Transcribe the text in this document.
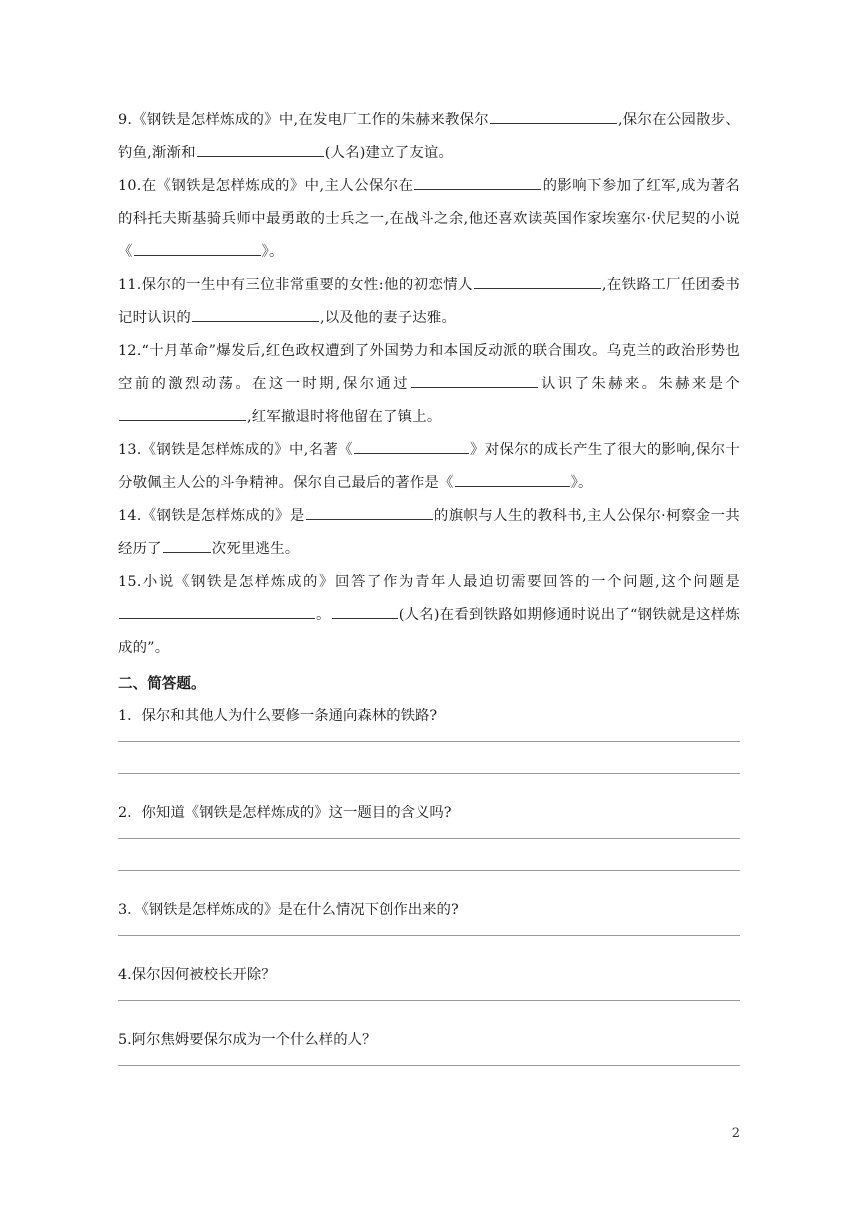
9.《钢铁是怎样炼成的》中,在发电厂工作的朱赫来教保尔	,保尔在公园散步、钓鱼,渐渐和	(人名)建立了友谊。

10.在《钢铁是怎样炼成的》中,主人公保尔在	的影响下参加了红军,成为著名的科托夫斯基骑兵师中最勇敢的士兵之一,在战斗之余,他还喜欢读英国作家埃塞尔·伏尼契的小说《	》。

11.保尔的一生中有三位非常重要的女性:他的初恋情人	,在铁路工厂任团委书记时认识的	,以及他的妻子达雅。

12.“十月革命”爆发后,红色政权遭到了外国势力和本国反动派的联合围攻。乌克兰的政治形势也空前的激烈动荡。在这一时期,保尔通过	认识了朱赫来。朱赫来是个,红军撤退时将他留在了镇上。

13.《钢铁是怎样炼成的》中,名著《	》对保尔的成长产生了很大的影响,保尔十分敬佩主人公的斗争精神。保尔自己最后的著作是《	》。

14.《钢铁是怎样炼成的》是	的旗帜与人生的教科书,主人公保尔·柯察金一共经历了	次死里逃生。

15.小说《钢铁是怎样炼成的》回答了作为青年人最迫切需要回答的一个问题,这个问题是。	(人名)在看到铁路如期修通时说出了“钢铁就是这样炼成的”。

二、简答题。

1．保尔和其他人为什么要修一条通向森林的铁路?

2．你知道《钢铁是怎样炼成的》这一题目的含义吗?

3．《钢铁是怎样炼成的》是在什么情况下创作出来的?

4.保尔因何被校长开除？

5.阿尔焦姆要保尔成为一个什么样的人？

2
